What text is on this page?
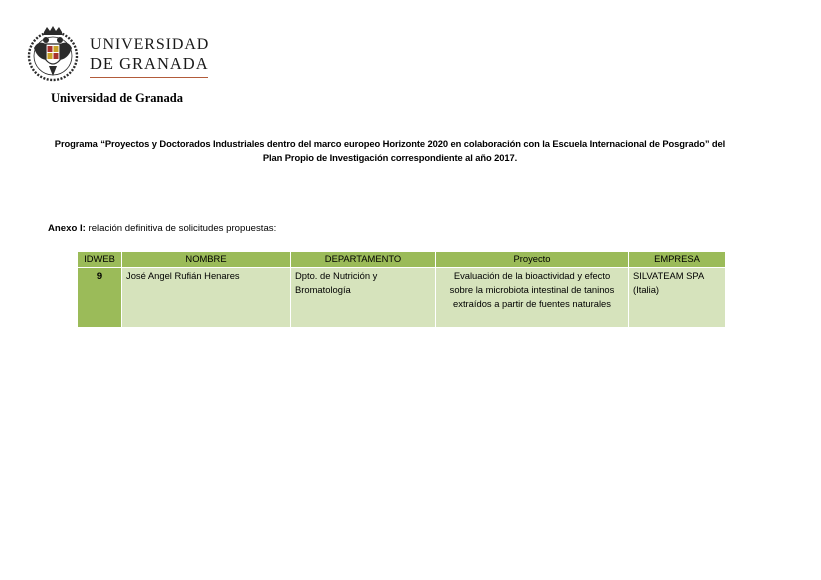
UNIVERSIDAD
DE GRANADA
Universidad de Granada
Programa “Proyectos y Doctorados Industriales dentro del marco europeo Horizonte 2020 en colaboración con la Escuela Internacional de Posgrado” del
Plan Propio de Investigación correspondiente al año 2017.
Anexo I: relación definitiva de solicitudes propuestas:
IDWEB	NOMBRE	DEPARTAMENTO	Proyecto	EMPRESA
9	José Angel Rufián Henares	Dpto. de Nutrición y Bromatología	Evaluación de la bioactividad y efecto sobre la microbiota intestinal de taninos extraídos a partir de fuentes naturales	SILVATEAM SPA (Italia)
